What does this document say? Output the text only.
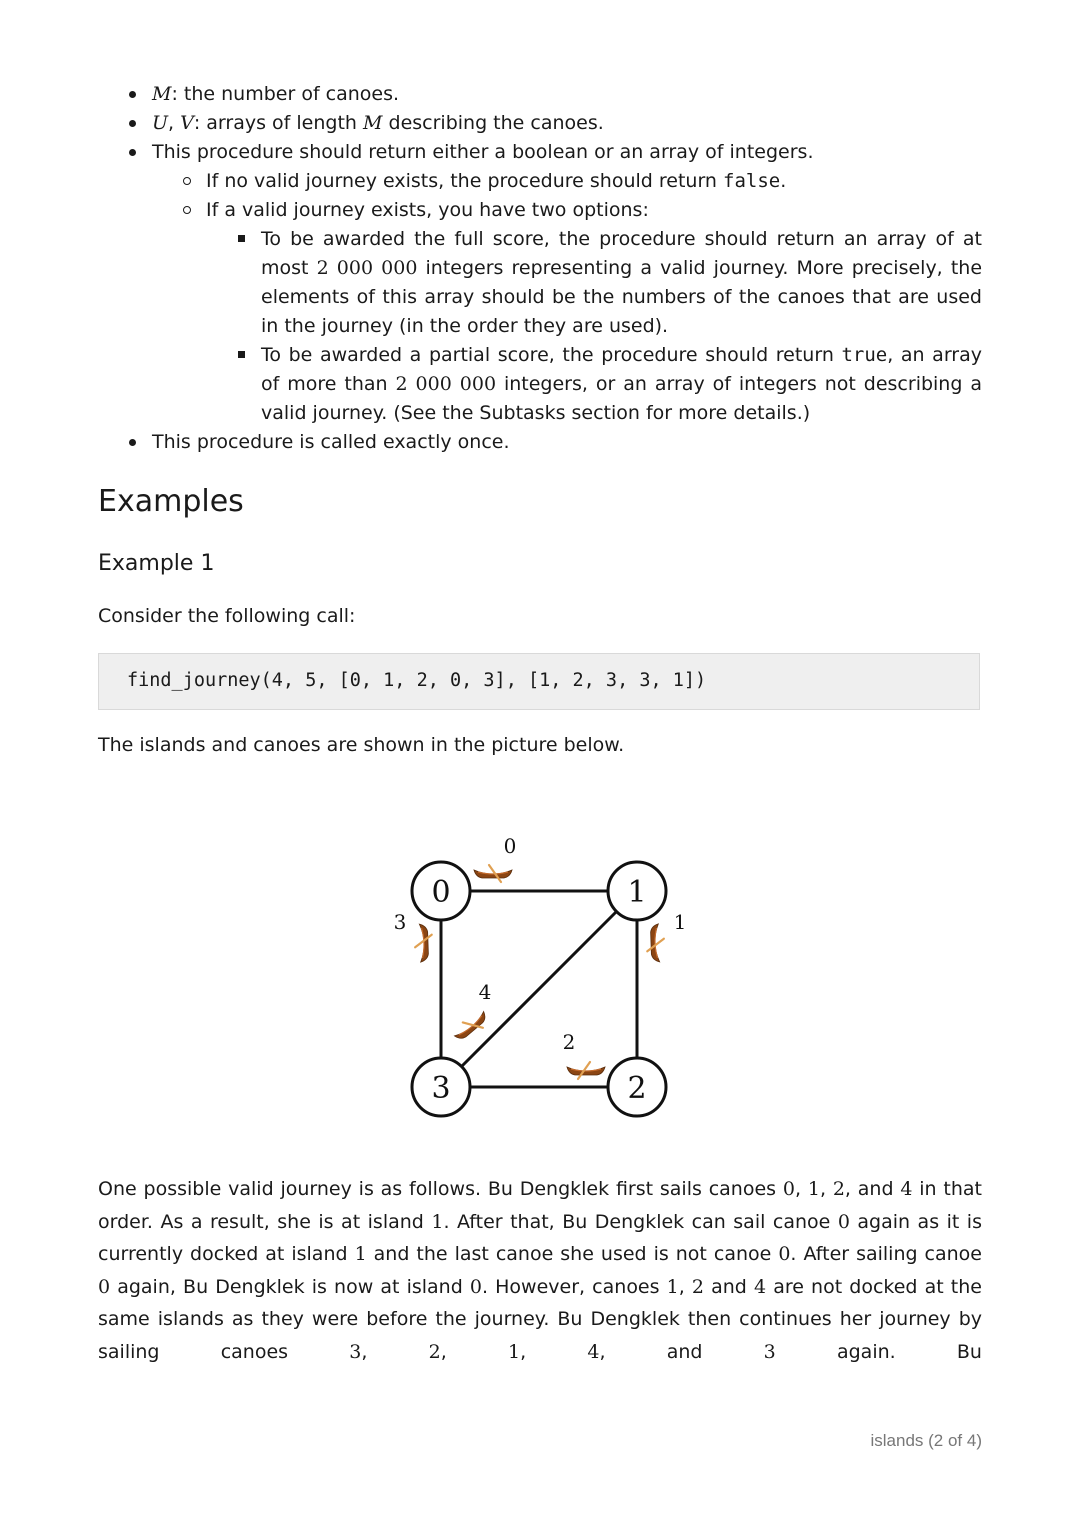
M: the number of canoes.
U, V: arrays of length M describing the canoes.
This procedure should return either a boolean or an array of integers.
If no valid journey exists, the procedure should return false.
If a valid journey exists, you have two options:
To be awarded the full score, the procedure should return an array of at most 2 000 000 integers representing a valid journey. More precisely, the elements of this array should be the numbers of the canoes that are used in the journey (in the order they are used).
To be awarded a partial score, the procedure should return true, an array of more than 2 000 000 integers, or an array of integers not describing a valid journey. (See the Subtasks section for more details.)
This procedure is called exactly once.
Examples
Example 1

Consider the following call:

find_journey(4, 5, [0, 1, 2, 0, 3], [1, 2, 3, 3, 1])

The islands and canoes are shown in the picture below.

0
1
2
3
4
0	1
2
3

One possible valid journey is as follows. Bu Dengklek first sails canoes 0, 1, 2, and 4 in that order. As a result, she is at island 1. After that, Bu Dengklek can sail canoe 0 again as it is currently docked at island 1 and the last canoe she used is not canoe 0. After sailing canoe 0 again, Bu Dengklek is now at island 0. However, canoes 1, 2 and 4 are not docked at the same islands as they were before the journey. Bu Dengklek then continues her journey by sailing canoes 3, 2, 1, 4, and 3 again. Bu

islands (2 of 4)
